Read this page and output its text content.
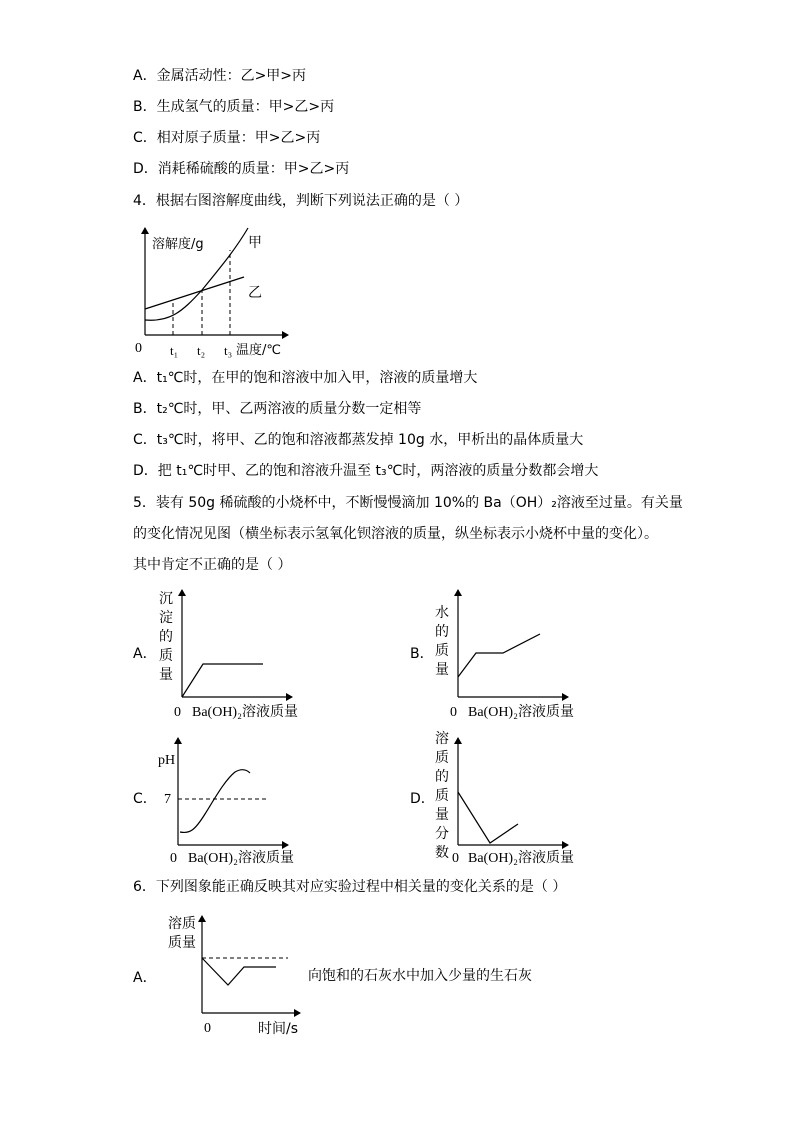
A．金属活动性：乙>甲>丙
B．生成氢气的质量：甲>乙>丙
C．相对原子质量：甲>乙>丙
D．消耗稀硫酸的质量：甲>乙>丙
4．根据右图溶解度曲线，判断下列说法正确的是（ ）
溶解度/g	甲
乙
0 t₁ t₂ t₃ 温度/℃
A．t₁℃时，在甲的饱和溶液中加入甲，溶液的质量增大
B．t₂℃时，甲、乙两溶液的质量分数一定相等
C．t₃℃时，将甲、乙的饱和溶液都蒸发掉 10g 水，甲析出的晶体质量大
D．把 t₁℃时甲、乙的饱和溶液升温至 t₃℃时，两溶液的质量分数都会增大
5．装有 50g 稀硫酸的小烧杯中，不断慢慢滴加 10%的 Ba（OH）₂溶液至过量。有关量
的变化情况见图（横坐标表示氢氧化钡溶液的质量，纵坐标表示小烧杯中量的变化）。
其中肯定不正确的是（ ）
A．
沉淀的质量
0 Ba(OH)₂溶液质量
B．
水的质量
0 Ba(OH)₂溶液质量
C．
pH
7
0 Ba(OH)₂溶液质量
D．
溶质的质量分数 0 Ba(OH)₂溶液质量
6．下列图象能正确反映其对应实验过程中相关量的变化关系的是（ ）
溶质
质量
A．	向饱和的石灰水中加入少量的生石灰
0	时间/s
